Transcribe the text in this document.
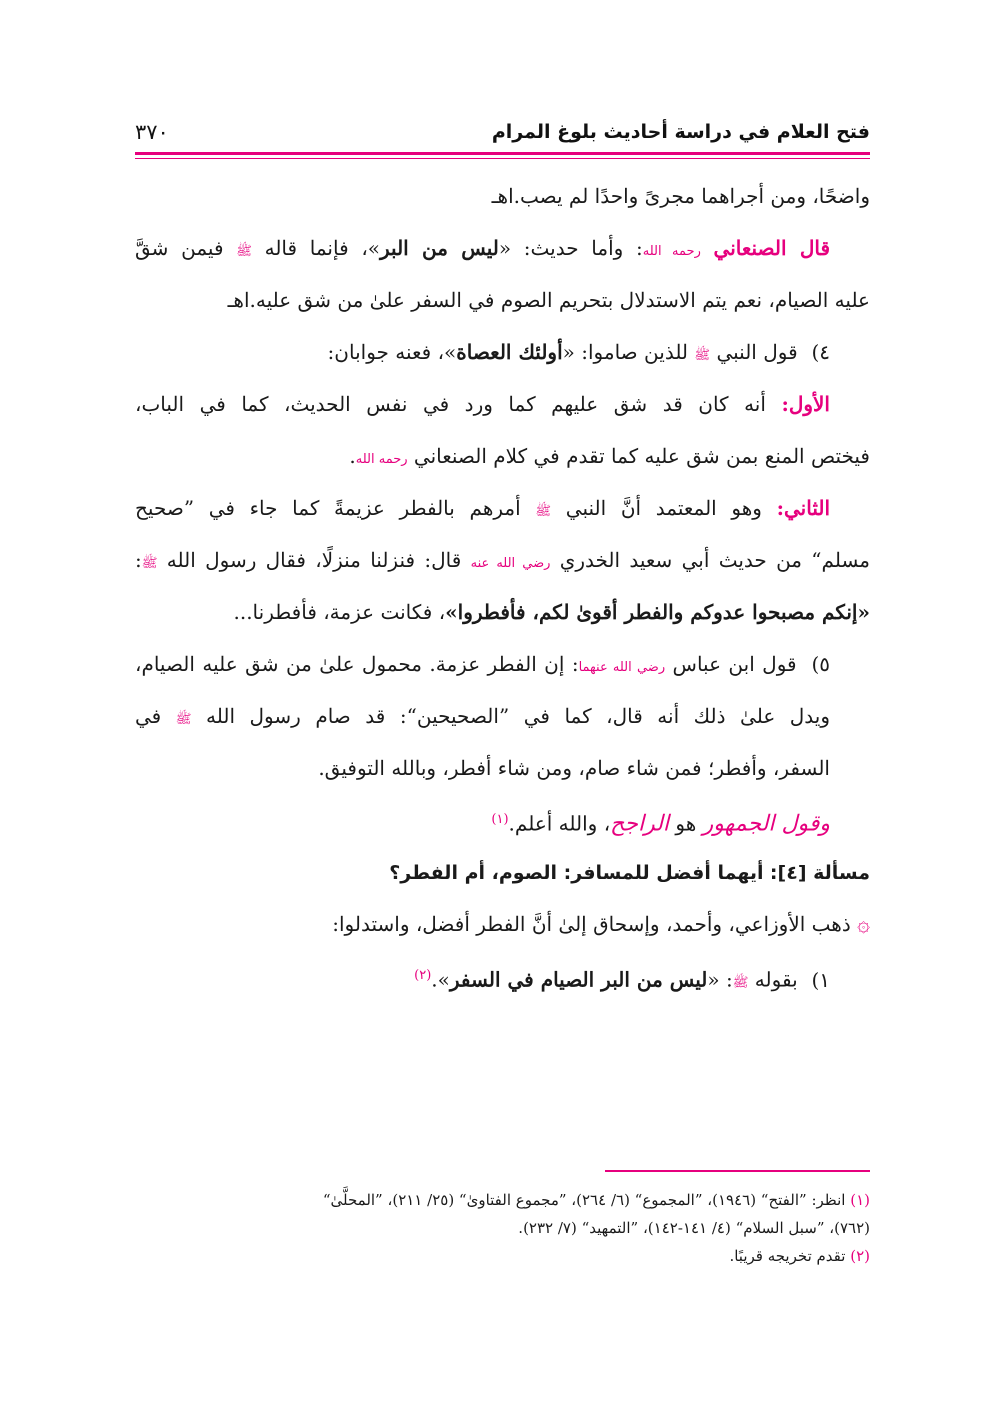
فتح العلام في دراسة أحاديث بلوغ المرام
٣٧٠
واضحًا، ومن أجراهما مجرىً واحدًا لم يصب.اهـ
قال الصنعاني رحمه الله: وأما حديث: «ليس من البر»، فإنما قاله ﷺ فيمن شقَّ
عليه الصيام، نعم يتم الاستدلال بتحريم الصوم في السفر علىٰ من شق عليه.اهـ
٤) قول النبي ﷺ للذين صاموا: «أولئك العصاة»، فعنه جوابان:
الأول: أنه كان قد شق عليهم كما ورد في نفس الحديث، كما في الباب،
فيختص المنع بمن شق عليه كما تقدم في كلام الصنعاني رحمه الله.
الثاني: وهو المعتمد أنَّ النبي ﷺ أمرهم بالفطر عزيمةً كما جاء في ”صحيح
مسلم“ من حديث أبي سعيد الخدري رضي الله عنه قال: فنزلنا منزلًا، فقال رسول الله ﷺ:
«إنكم مصبحوا عدوكم والفطر أقوىٰ لكم، فأفطروا»، فكانت عزمة، فأفطرنا...
٥) قول ابن عباس رضي الله عنهما: إن الفطر عزمة. محمول علىٰ من شق عليه الصيام،
ويدل علىٰ ذلك أنه قال، كما في ”الصحيحين“: قد صام رسول الله ﷺ في
السفر، وأفطر؛ فمن شاء صام، ومن شاء أفطر، وبالله التوفيق.
وقول الجمهور هو الراجح، والله أعلم.$^{(١)}$
مسألة [٤]: أيهما أفضل للمسافر: الصوم، أم الفطر؟
۞ ذهب الأوزاعي، وأحمد، وإسحاق إلىٰ أنَّ الفطر أفضل، واستدلوا:
١) بقوله ﷺ: «ليس من البر الصيام في السفر».$^{(٢)}$
(١) انظر: ”الفتح“ (١٩٤٦)، ”المجموع“ (٦/ ٢٦٤)، ”مجموع الفتاوىٰ“ (٢٥/ ٢١١)، ”المحلَّىٰ“
(٧٦٢)، ”سبل السلام“ (٤/ ١٤١-١٤٢)، ”التمهيد“ (٧/ ٢٣٢).
(٢) تقدم تخريجه قريبًا.
